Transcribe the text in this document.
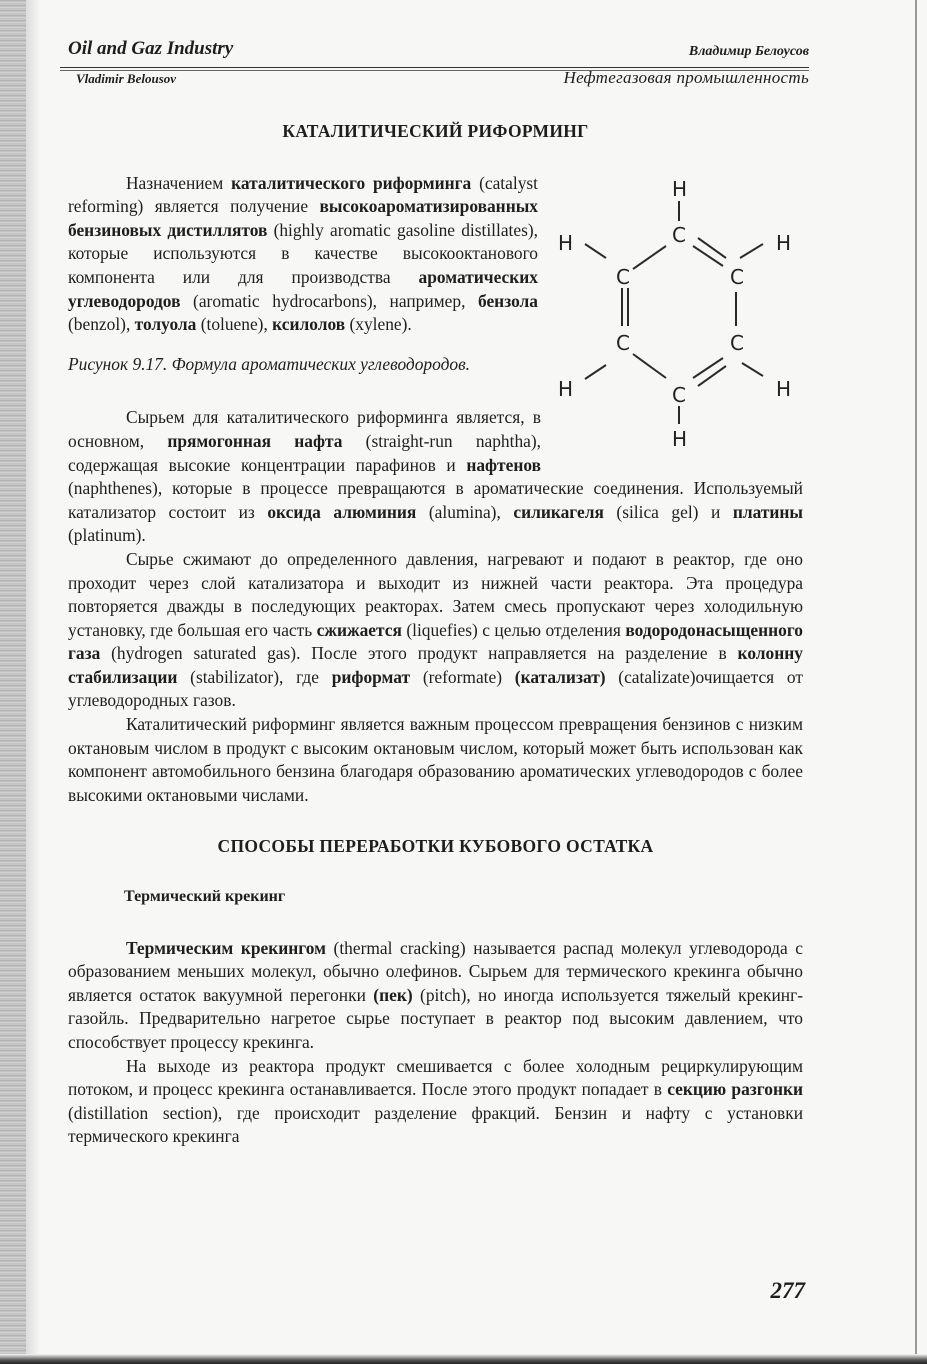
Oil and Gaz Industry	Владимир Белоусов
Vladimir Belousov	Нефтегазовая промышленность
КАТАЛИТИЧЕСКИЙ РИФОРМИНГ

Назначением каталитического риформинга (catalyst reforming) является получение высокоароматизированных бензиновых дистиллятов (highly aromatic gasoline distillates), которые используются в качестве высокооктанового компонента или для производства ароматических углеводородов (aromatic hydrocarbons), например, бензола (benzol), толуола (toluene), ксилолов (xylene).

Рисунок 9.17. Формула ароматических углеводородов.

H
C
H
C	C
H
C	C
H	C	H
H

Сырьем для каталитического риформинга является, в основном, прямогонная нафта (straight-run naphtha), содержащая высокие концентрации парафинов и нафтенов (naphthenes), которые в процессе превращаются в ароматические соединения. Используемый катализатор состоит из оксида алюминия (alumina), силикагеля (silica gel) и платины (platinum).

Сырье сжимают до определенного давления, нагревают и подают в реактор, где оно проходит через слой катализатора и выходит из нижней части реактора. Эта процедура повторяется дважды в последующих реакторах. Затем смесь пропускают через холодильную установку, где большая его часть сжижается (liquefies) с целью отделения водородонасыщенного газа (hydrogen saturated gas). После этого продукт направляется на разделение в колонну стабилизации (stabilizator), где риформат (reformate) (катализат) (catalizate)очищается от углеводородных газов.

Каталитический риформинг является важным процессом превращения бензинов с низким октановым числом в продукт с высоким октановым числом, который может быть использован как компонент автомобильного бензина благодаря образованию ароматических углеводородов с более высокими октановыми числами.

СПОСОБЫ ПЕРЕРАБОТКИ КУБОВОГО ОСТАТКА
Термический крекинг

Термическим крекингом (thermal cracking) называется распад молекул углеводорода с образованием меньших молекул, обычно олефинов. Сырьем для термического крекинга обычно является остаток вакуумной перегонки (пек) (pitch), но иногда используется тяжелый крекинг-газойль. Предварительно нагретое сырье поступает в реактор под высоким давлением, что способствует процессу крекинга.

На выходе из реактора продукт смешивается с более холодным рециркулирующим потоком, и процесс крекинга останавливается. После этого продукт попадает в секцию разгонки (distillation section), где происходит разделение фракций. Бензин и нафту с установки термического крекинга

277
